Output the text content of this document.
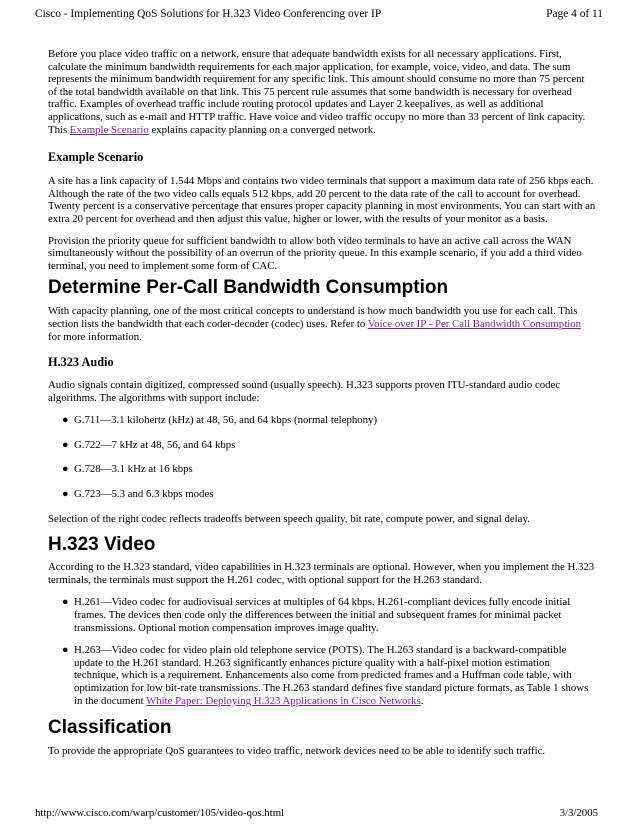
Cisco - Implementing QoS Solutions for H.323 Video Conferencing over IP	Page 4 of 11

Before you place video traffic on a network, ensure that adequate bandwidth exists for all necessary applications. First, calculate the minimum bandwidth requirements for each major application, for example, voice, video, and data. The sum represents the minimum bandwidth requirement for any specific link. This amount should consume no more than 75 percent of the total bandwidth available on that link. This 75 percent rule assumes that some bandwidth is necessary for overhead traffic. Examples of overhead traffic include routing protocol updates and Layer 2 keepalives, as well as additional applications, such as e-mail and HTTP traffic. Have voice and video traffic occupy no more than 33 percent of link capacity. This Example Scenario explains capacity planning on a converged network.

Example Scenario

A site has a link capacity of 1.544 Mbps and contains two video terminals that support a maximum data rate of 256 kbps each. Although the rate of the two video calls equals 512 kbps, add 20 percent to the data rate of the call to account for overhead. Twenty percent is a conservative percentage that ensures proper capacity planning in most environments. You can start with an extra 20 percent for overhead and then adjust this value, higher or lower, with the results of your monitor as a basis.

Provision the priority queue for sufficient bandwidth to allow both video terminals to have an active call across the WAN simultaneously without the possibility of an overrun of the priority queue. In this example scenario, if you add a third video terminal, you need to implement some form of CAC.

Determine Per-Call Bandwidth Consumption

With capacity planning, one of the most critical concepts to understand is how much bandwidth you use for each call. This section lists the bandwidth that each coder-decoder (codec) uses. Refer to Voice over IP - Per Call Bandwidth Consumption for more information.

H.323 Audio

Audio signals contain digitized, compressed sound (usually speech). H.323 supports proven ITU-standard audio codec algorithms. The algorithms with support include:

● G.711—3.1 kilohertz (kHz) at 48, 56, and 64 kbps (normal telephony)
● G.722—7 kHz at 48, 56, and 64 kbps
● G.728—3.1 kHz at 16 kbps
● G.723—5.3 and 6.3 kbps modes

Selection of the right codec reflects tradeoffs between speech quality, bit rate, compute power, and signal delay.

H.323 Video

According to the H.323 standard, video capabilities in H.323 terminals are optional. However, when you implement the H.323 terminals, the terminals must support the H.261 codec, with optional support for the H.263 standard.

● H.261—Video codec for audiovisual services at multiples of 64 kbps. H.261-compliant devices fully encode initial frames. The devices then code only the differences between the initial and subsequent frames for minimal packet transmissions. Optional motion compensation improves image quality.
● H.263—Video codec for video plain old telephone service (POTS). The H.263 standard is a backward-compatible update to the H.261 standard. H.263 significantly enhances picture quality with a half-pixel motion estimation technique, which is a requirement. Enhancements also come from predicted frames and a Huffman code table, with optimization for low bit-rate transmissions. The H.263 standard defines five standard picture formats, as Table 1 shows in the document White Paper: Deploying H.323 Applications in Cisco Networks.
Classification

To provide the appropriate QoS guarantees to video traffic, network devices need to be able to identify such traffic.

http://www.cisco.com/warp/customer/105/video-qos.html	3/3/2005
